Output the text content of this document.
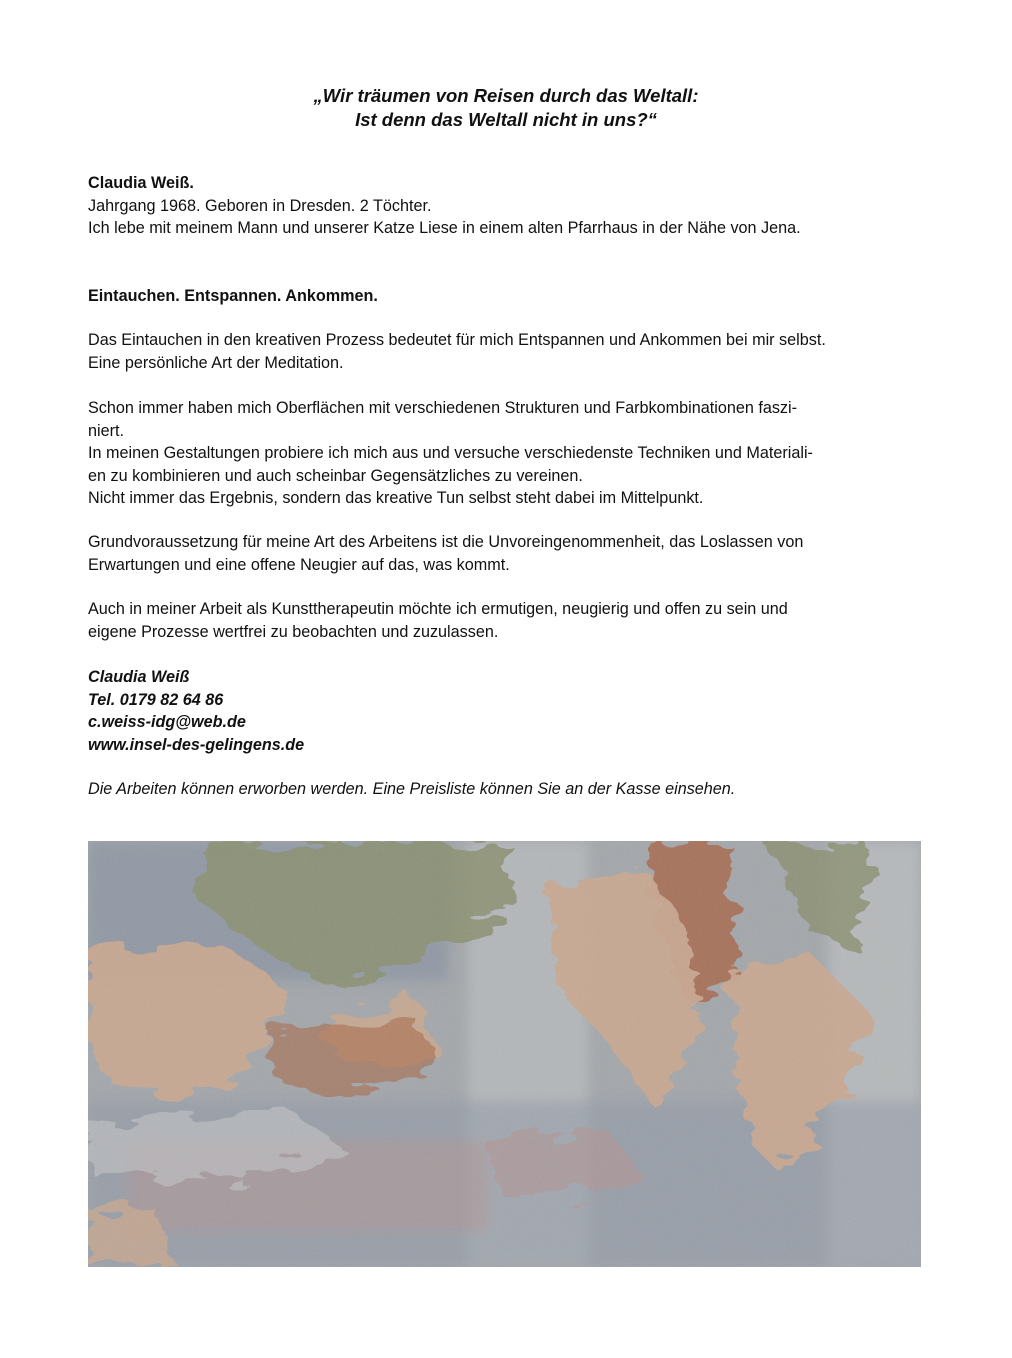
„Wir träumen von Reisen durch das Weltall:
Ist denn das Weltall nicht in uns?“
Claudia Weiß.
Jahrgang 1968. Geboren in Dresden. 2 Töchter.
Ich lebe mit meinem Mann und unserer Katze Liese in einem alten Pfarrhaus in der Nähe von Jena.
Eintauchen. Entspannen. Ankommen.
Das Eintauchen in den kreativen Prozess bedeutet für mich Entspannen und Ankommen bei mir selbst.
Eine persönliche Art der Meditation.
Schon immer haben mich Oberflächen mit verschiedenen Strukturen und Farbkombinationen faszi-
niert.
In meinen Gestaltungen probiere ich mich aus und versuche verschiedenste Techniken und Materiali-
en zu kombinieren und auch scheinbar Gegensätzliches zu vereinen.
Nicht immer das Ergebnis, sondern das kreative Tun selbst steht dabei im Mittelpunkt.
Grundvoraussetzung für meine Art des Arbeitens ist die Unvoreingenommenheit, das Loslassen von
Erwartungen und eine offene Neugier auf das, was kommt.
Auch in meiner Arbeit als Kunsttherapeutin möchte ich ermutigen, neugierig und offen zu sein und
eigene Prozesse wertfrei zu beobachten und zuzulassen.
Claudia Weiß
Tel. 0179 82 64 86
c.weiss-idg@web.de
www.insel-des-gelingens.de
Die Arbeiten können erworben werden. Eine Preisliste können Sie an der Kasse einsehen.
